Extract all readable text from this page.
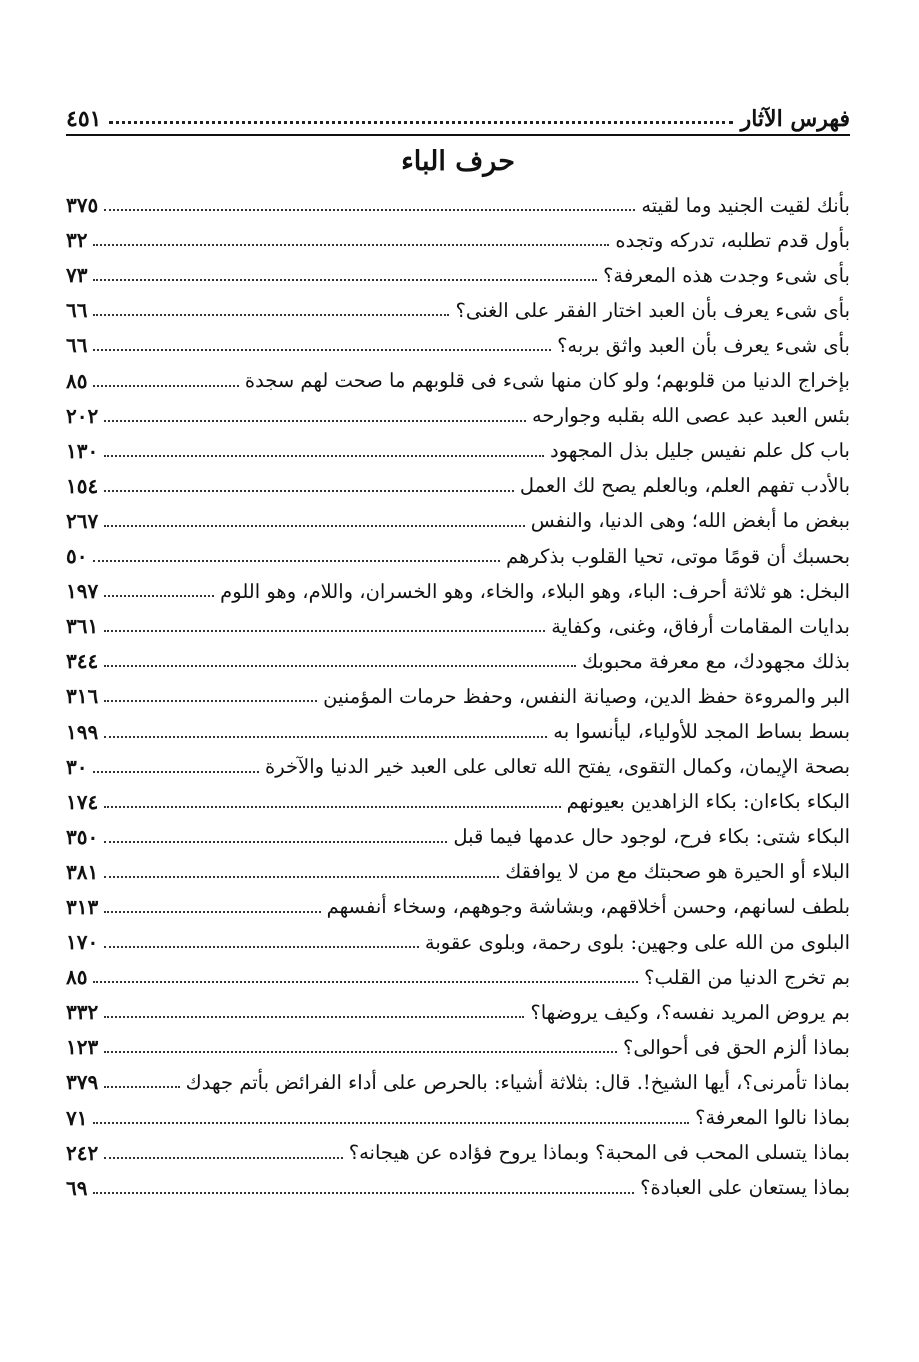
فهرس الآثار
٤٥١
حرف الباء
بأنك لقيت الجنيد وما لقيته
٣٧٥
بأول قدم تطلبه، تدركه وتجده
٣٢
بأى شىء وجدت هذه المعرفة؟
٧٣
بأى شىء يعرف بأن العبد اختار الفقر على الغنى؟
٦٦
بأى شىء يعرف بأن العبد واثق بربه؟
٦٦
بإخراج الدنيا من قلوبهم؛ ولو كان منها شىء فى قلوبهم ما صحت لهم سجدة
٨٥
بئس العبد عبد عصى الله بقلبه وجوارحه
٢٠٢
باب كل علم نفيس جليل بذل المجهود
١٣٠
بالأدب تفهم العلم، وبالعلم يصح لك العمل
١٥٤
ببغض ما أبغض الله؛ وهى الدنيا، والنفس
٢٦٧
بحسبك أن قومًا موتى، تحيا القلوب بذكرهم
٥٠
البخل: هو ثلاثة أحرف: الباء، وهو البلاء، والخاء، وهو الخسران، واللام، وهو اللوم
١٩٧
بدايات المقامات أرفاق، وغنى، وكفاية
٣٦١
بذلك مجهودك، مع معرفة محبوبك
٣٤٤
البر والمروءة حفظ الدين، وصيانة النفس، وحفظ حرمات المؤمنين
٣١٦
بسط بساط المجد للأولياء، ليأنسوا به
١٩٩
بصحة الإيمان، وكمال التقوى، يفتح الله تعالى على العبد خير الدنيا والآخرة
٣٠
البكاء بكاءان: بكاء الزاهدين بعيونهم
١٧٤
البكاء شتى: بكاء فرح، لوجود حال عدمها فيما قبل
٣٥٠
البلاء أو الحيرة هو صحبتك مع من لا يوافقك
٣٨١
بلطف لسانهم، وحسن أخلاقهم، وبشاشة وجوههم، وسخاء أنفسهم
٣١٣
البلوى من الله على وجهين: بلوى رحمة، وبلوى عقوبة
١٧٠
بم تخرج الدنيا من القلب؟
٨٥
بم يروض المريد نفسه؟، وكيف يروضها؟
٣٣٢
بماذا ألزم الحق فى أحوالى؟
١٢٣
بماذا تأمرنى؟، أيها الشيخ!. قال: بثلاثة أشياء: بالحرص على أداء الفرائض بأتم جهدك
٣٧٩
بماذا نالوا المعرفة؟
٧١
بماذا يتسلى المحب فى المحبة؟ وبماذا يروح فؤاده عن هيجانه؟
٢٤٢
بماذا يستعان على العبادة؟
٦٩
